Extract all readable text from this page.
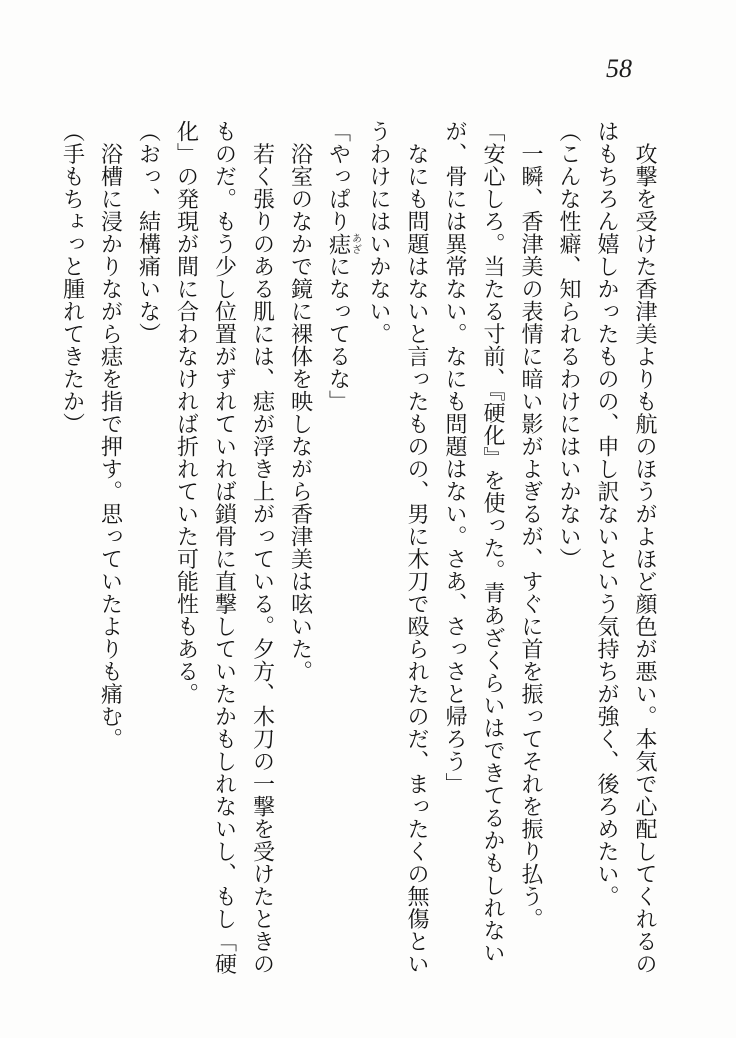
58

　攻撃を受けた香津美よりも航のほうがよほど顔色が悪い。本気で心配してくれるの

はもちろん嬉しかったものの、申し訳ないという気持ちが強く、後ろめたい。

（こんな性癖、知られるわけにはいかない）

　一瞬、香津美の表情に暗い影がよぎるが、すぐに首を振ってそれを振り払う。

「安心しろ。当たる寸前、『硬化』を使った。青あざくらいはできてるかもしれない

が、骨には異常ない。なにも問題はない。さあ、さっさと帰ろう」

　なにも問題はないと言ったものの、男に木刀で殴られたのだ、まったくの無傷とい

うわけにはいかない。

「やっぱり痣あざになってるな」

　浴室のなかで鏡に裸体を映しながら香津美は呟いた。

　若く張りのある肌には、痣が浮き上がっている。夕方、木刀の一撃を受けたときの

ものだ。もう少し位置がずれていれば鎖骨に直撃していたかもしれないし、もし「硬

化」の発現が間に合わなければ折れていた可能性もある。

（おっ、結構痛いな）

　浴槽に浸かりながら痣を指で押す。思っていたよりも痛む。

（手もちょっと腫れてきたか）
